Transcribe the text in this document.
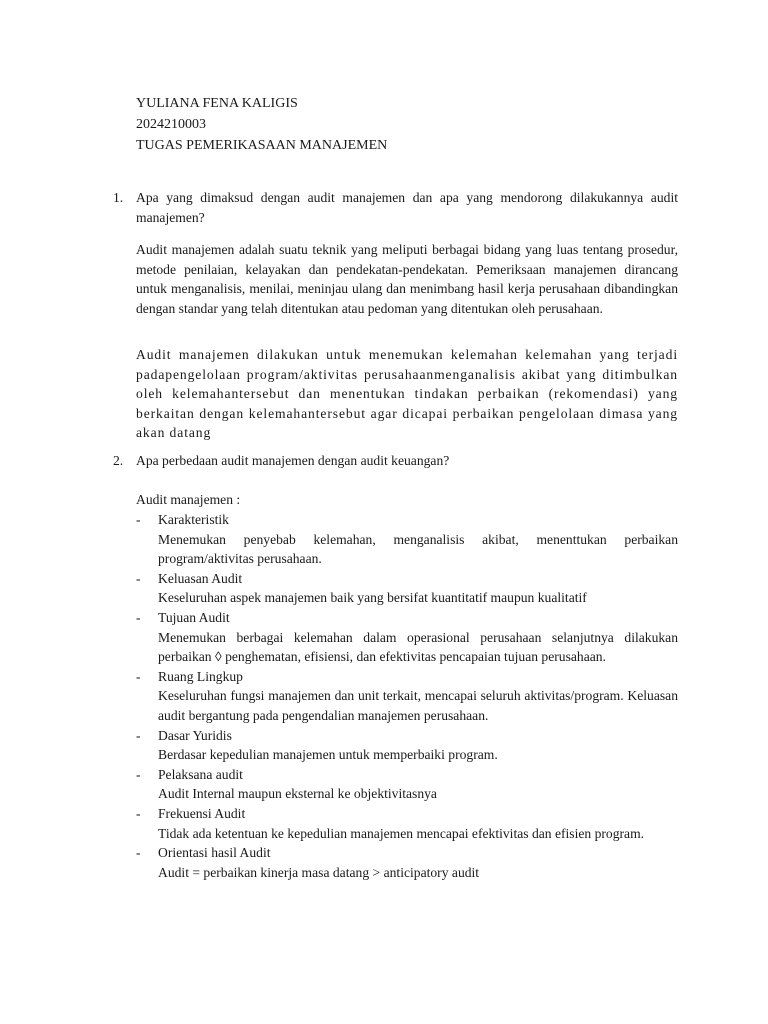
YULIANA FENA KALIGIS
2024210003
TUGAS PEMERIKASAAN MANAJEMEN
1. Apa yang dimaksud dengan audit manajemen dan apa yang mendorong dilakukannya audit manajemen?
Audit manajemen adalah suatu teknik yang meliputi berbagai bidang yang luas tentang prosedur, metode penilaian, kelayakan dan pendekatan-pendekatan. Pemeriksaan manajemen dirancang untuk menganalisis, menilai, meninjau ulang dan menimbang hasil kerja perusahaan dibandingkan dengan standar yang telah ditentukan atau pedoman yang ditentukan oleh perusahaan.
Audit manajemen dilakukan untuk menemukan kelemahan kelemahan yang terjadi padapengelolaan program/aktivitas perusahaanmenganalisis akibat yang ditimbulkan oleh kelemahantersebut dan menentukan tindakan perbaikan (rekomendasi) yang berkaitan dengan kelemahantersebut agar dicapai perbaikan pengelolaan dimasa yang akan datang
2. Apa perbedaan audit manajemen dengan audit keuangan?
Audit manajemen :
- Karakteristik
Menemukan penyebab kelemahan, menganalisis akibat, menenttukan perbaikan program/aktivitas perusahaan.
- Keluasan Audit
Keseluruhan aspek manajemen baik yang bersifat kuantitatif maupun kualitatif
- Tujuan Audit
Menemukan berbagai kelemahan dalam operasional perusahaan selanjutnya dilakukan perbaikan ◊ penghematan, efisiensi, dan efektivitas pencapaian tujuan perusahaan.
- Ruang Lingkup
Keseluruhan fungsi manajemen dan unit terkait, mencapai seluruh aktivitas/program. Keluasan audit bergantung pada pengendalian manajemen perusahaan.
- Dasar Yuridis
Berdasar kepedulian manajemen untuk memperbaiki program.
- Pelaksana audit
Audit Internal maupun eksternal ke objektivitasnya
- Frekuensi Audit
Tidak ada ketentuan ke kepedulian manajemen mencapai efektivitas dan efisien program.
- Orientasi hasil Audit
Audit = perbaikan kinerja masa datang > anticipatory audit
